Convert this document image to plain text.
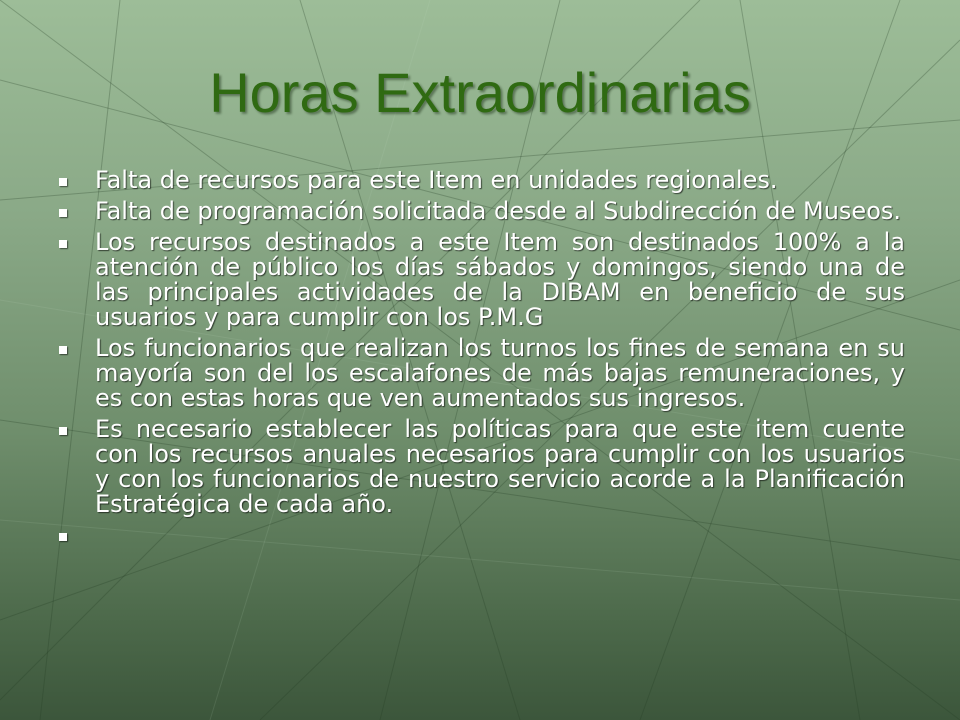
Horas Extraordinarias
Falta de recursos para este Item en unidades regionales.
Falta de programación solicitada desde al Subdirección de Museos.
Los recursos destinados a este Item son destinados 100% a la atención de público los días sábados y domingos, siendo una de las principales actividades de la DIBAM en beneficio de sus usuarios y para cumplir con los P.M.G
Los funcionarios que realizan los turnos los fines de semana en su mayoría son del los escalafones de más bajas remuneraciones, y es con estas horas que ven aumentados sus ingresos.
Es necesario establecer las políticas para que este item cuente con los recursos anuales necesarios para cumplir con los usuarios y con los funcionarios de nuestro servicio acorde a la Planificación Estratégica de cada año.
